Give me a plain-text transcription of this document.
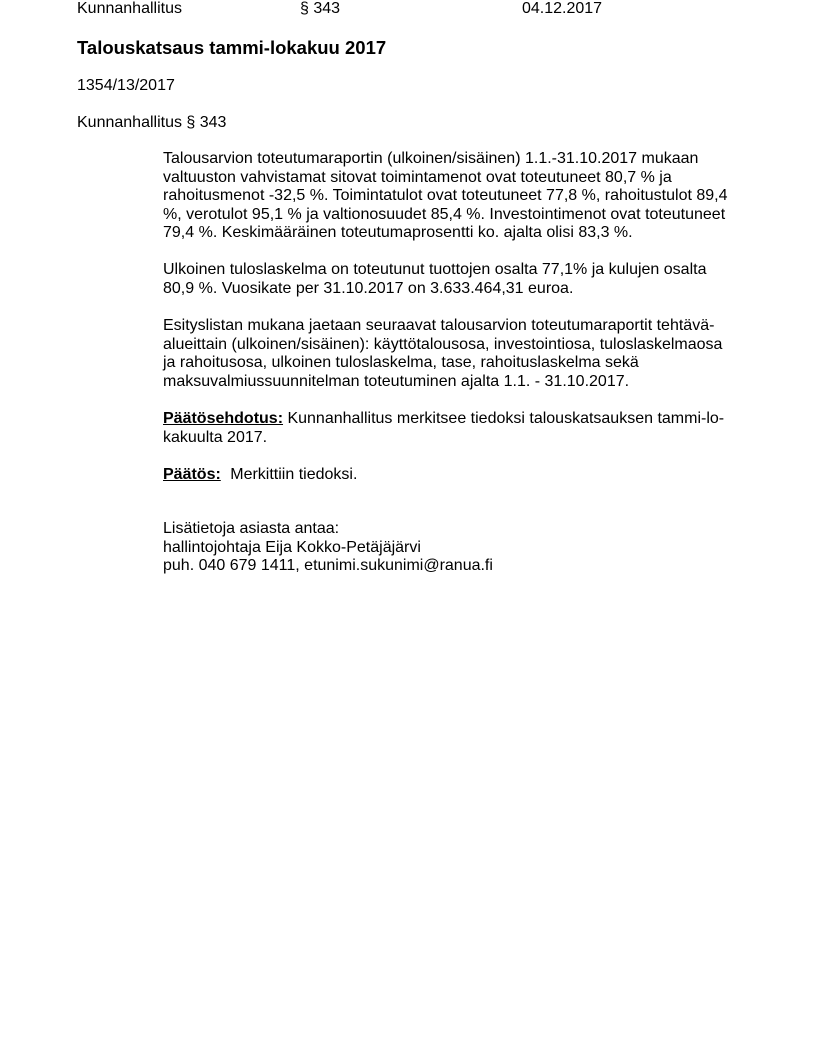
Kunnanhallitus	§ 343	04.12.2017
Talouskatsaus tammi-lokakuu 2017
1354/13/2017
Kunnanhallitus § 343

Talousarvion toteutumaraportin (ulkoinen/sisäinen) 1.1.-31.10.2017 mukaan

valtuuston vahvistamat sitovat toimintamenot ovat toteutuneet 80,7 % ja

rahoitusmenot -32,5 %. Toimintatulot ovat toteutuneet 77,8 %, rahoitustulot 89,4

%, verotulot 95,1 % ja valtionosuudet 85,4 %. Investointimenot ovat toteutuneet

79,4 %. Keskimääräinen toteutumaprosentti ko. ajalta olisi 83,3 %.

Ulkoinen tuloslaskelma on toteutunut tuottojen osalta 77,1% ja kulujen osalta

80,9 %. Vuosikate per 31.10.2017 on 3.633.464,31 euroa.

Esityslistan mukana jaetaan seuraavat talousarvion toteutumaraportit tehtävä-

alueittain (ulkoinen/sisäinen): käyttötalousosa, investointiosa, tuloslaskelmaosa

ja rahoitusosa, ulkoinen tuloslaskelma, tase, rahoituslaskelma sekä

maksuvalmiussuunnitelman toteutuminen ajalta 1.1. - 31.10.2017.

Päätösehdotus: Kunnanhallitus merkitsee tiedoksi talouskatsauksen tammi-lo-

kakuulta 2017.

Päätös: Merkittiin tiedoksi.

Lisätietoja asiasta antaa:

hallintojohtaja Eija Kokko-Petäjäjärvi

puh. 040 679 1411, etunimi.sukunimi@ranua.fi
